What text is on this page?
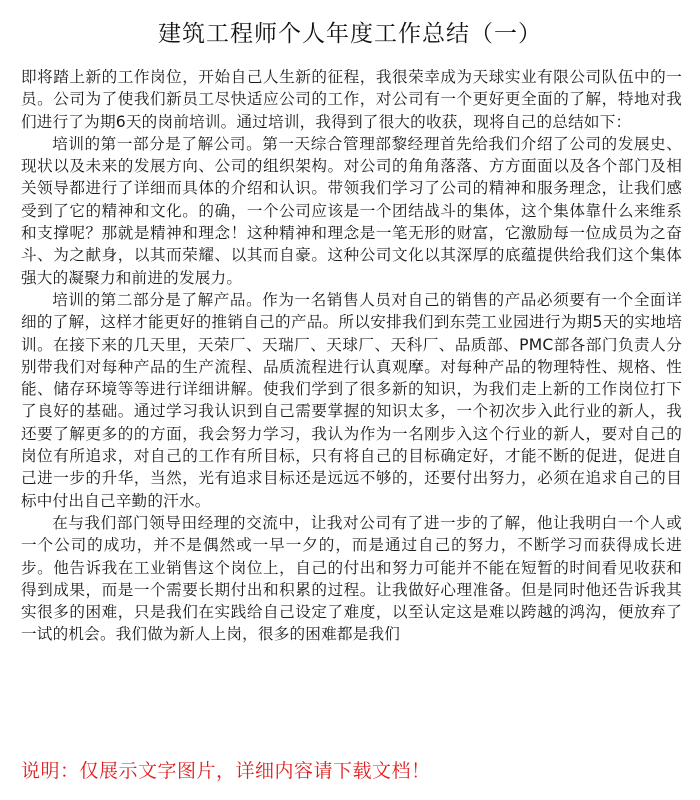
建筑工程师个人年度工作总结（一）

即将踏上新的工作岗位，开始自己人生新的征程，我很荣幸成为天球实业有限公司队伍中的一员。公司为了使我们新员工尽快适应公司的工作，对公司有一个更好更全面的了解，特地对我们进行了为期6天的岗前培训。通过培训，我得到了很大的收获，现将自己的总结如下：

培训的第一部分是了解公司。第一天综合管理部黎经理首先给我们介绍了公司的发展史、现状以及未来的发展方向、公司的组织架构。对公司的角角落落、方方面面以及各个部门及相关领导都进行了详细而具体的介绍和认识。带领我们学习了公司的精神和服务理念，让我们感受到了它的精神和文化。的确，一个公司应该是一个团结战斗的集体，这个集体靠什么来维系和支撑呢？那就是精神和理念！这种精神和理念是一笔无形的财富，它激励每一位成员为之奋斗、为之献身，以其而荣耀、以其而自豪。这种公司文化以其深厚的底蕴提供给我们这个集体强大的凝聚力和前进的发展力。

培训的第二部分是了解产品。作为一名销售人员对自己的销售的产品必须要有一个全面详细的了解，这样才能更好的推销自己的产品。所以安排我们到东莞工业园进行为期5天的实地培训。在接下来的几天里，天荣厂、天瑞厂、天球厂、天科厂、品质部、PMC部各部门负责人分别带我们对每种产品的生产流程、品质流程进行认真观摩。对每种产品的物理特性、规格、性能、储存环境等等进行详细讲解。使我们学到了很多新的知识，为我们走上新的工作岗位打下了良好的基础。通过学习我认识到自己需要掌握的知识太多，一个初次步入此行业的新人，我还要了解更多的的方面，我会努力学习，我认为作为一名刚步入这个行业的新人，要对自己的岗位有所追求，对自己的工作有所目标，只有将自己的目标确定好，才能不断的促进，促进自己进一步的升华，当然，光有追求目标还是远远不够的，还要付出努力，必须在追求自己的目标中付出自己辛勤的汗水。

在与我们部门领导田经理的交流中，让我对公司有了进一步的了解，他让我明白一个人或一个公司的成功，并不是偶然或一早一夕的，而是通过自己的努力，不断学习而获得成长进步。他告诉我在工业销售这个岗位上，自己的付出和努力可能并不能在短暂的时间看见收获和得到成果，而是一个需要长期付出和积累的过程。让我做好心理准备。但是同时他还告诉我其实很多的困难，只是我们在实践给自己设定了难度，以至认定这是难以跨越的鸿沟，便放弃了一试的机会。我们做为新人上岗，很多的困难都是我们

说明：仅展示文字图片，详细内容请下载文档！
